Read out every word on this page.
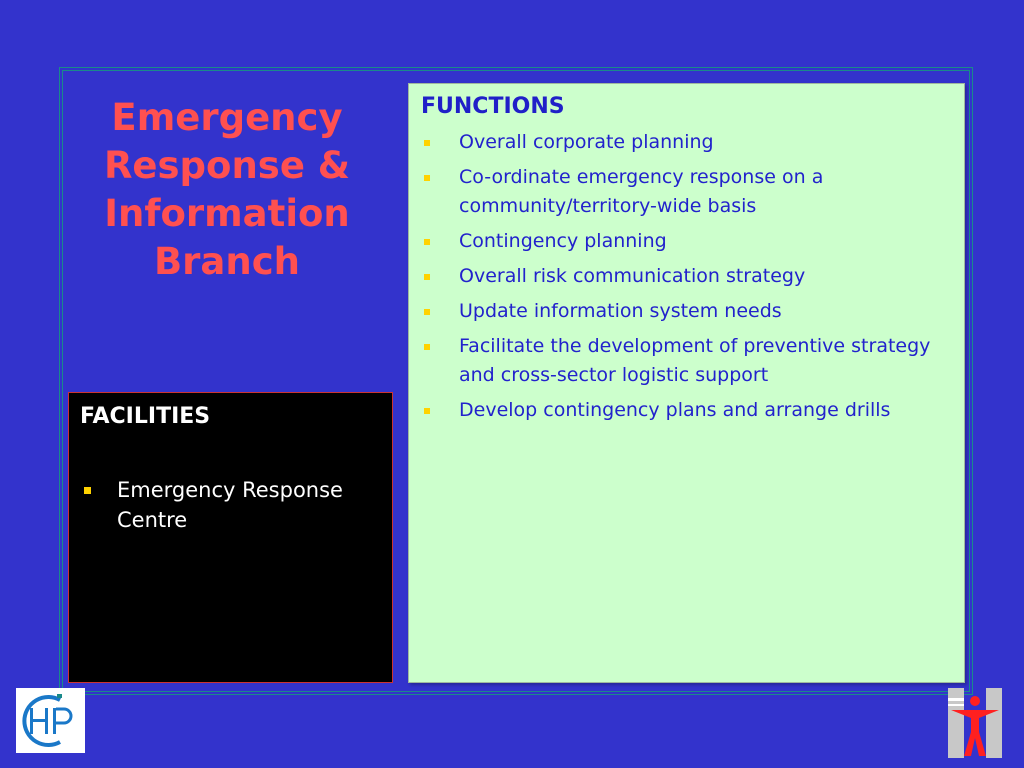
Emergency
Response &
Information
Branch
FACILITIES
Emergency Response Centre
FUNCTIONS
Overall corporate planning
Co-ordinate emergency response on a community/territory-wide basis
Contingency planning
Overall risk communication strategy
Update information system needs
Facilitate the development of preventive strategy and cross-sector logistic support
Develop contingency plans and arrange drills
